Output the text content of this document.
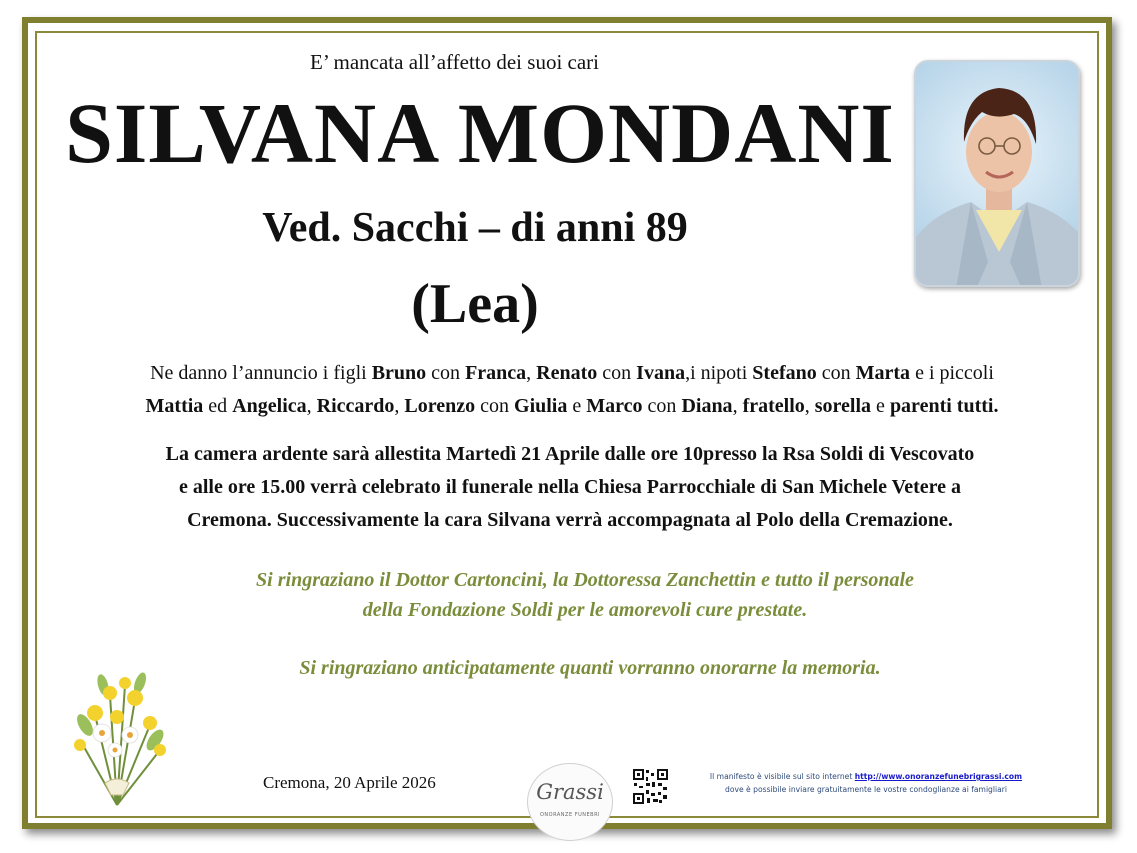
E’ mancata all’affetto dei suoi cari
SILVANA MONDANI
Ved. Sacchi – di anni 89
(Lea)
Ne danno l’annuncio i figli Bruno con Franca, Renato con Ivana,i nipoti Stefano con Marta e i piccoli
Mattia ed Angelica, Riccardo, Lorenzo con Giulia e Marco con Diana, fratello, sorella e parenti tutti.
La camera ardente sarà allestita Martedì 21 Aprile dalle ore 10presso la Rsa Soldi di Vescovato
e alle ore 15.00 verrà celebrato il funerale nella Chiesa Parrocchiale di San Michele Vetere a
Cremona. Successivamente la cara Silvana verrà accompagnata al Polo della Cremazione.
Si ringraziano il Dottor Cartoncini, la Dottoressa Zanchettin e tutto il personale
della Fondazione Soldi per le amorevoli cure prestate.
Si ringraziano anticipatamente quanti vorranno onorarne la memoria.
Cremona, 20 Aprile 2026	Grassi
ONORANZE FUNEBRI
Il manifesto è visibile sul sito internet http://www.onoranzefunebrigrassi.com
dove è possibile inviare gratuitamente le vostre condoglianze ai famigliari
